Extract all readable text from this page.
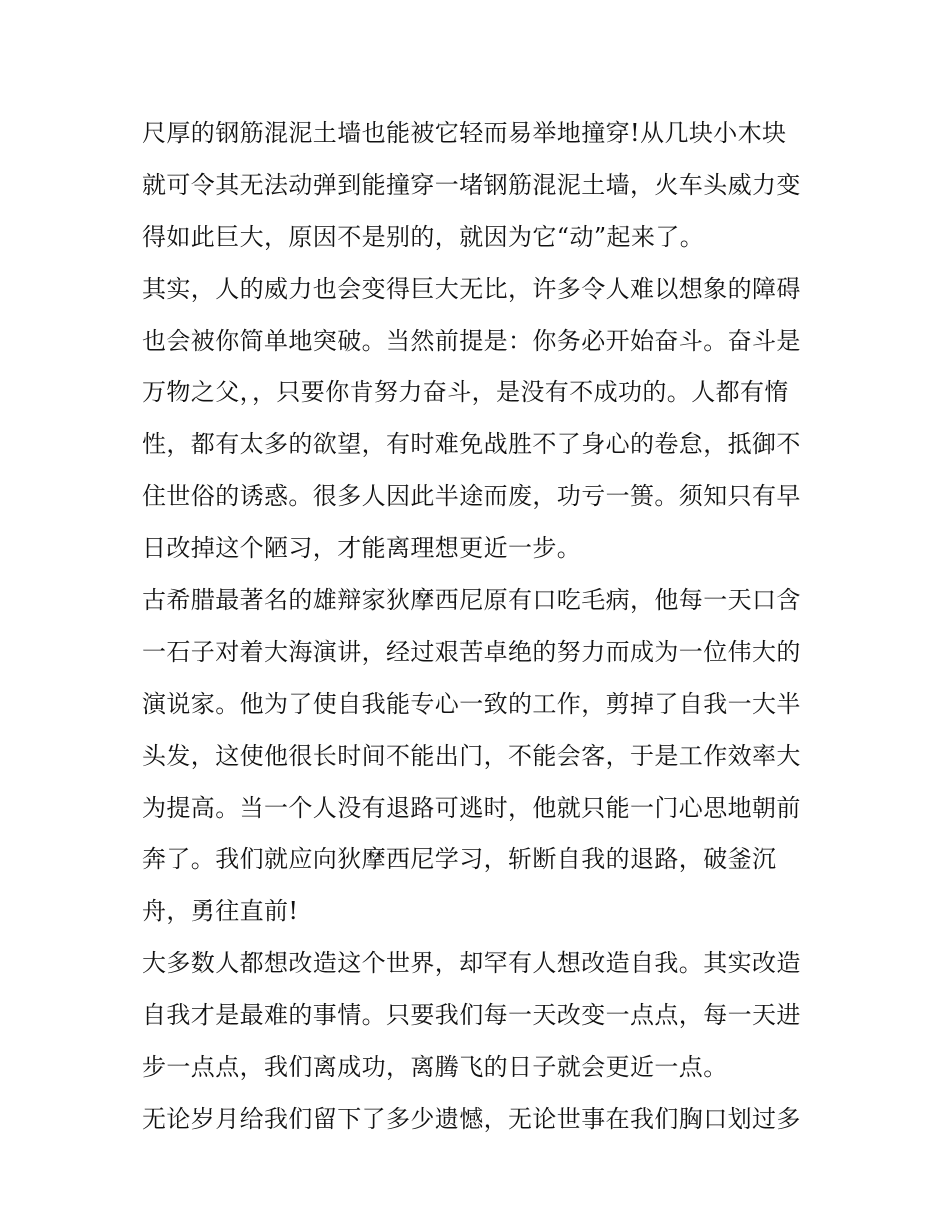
尺厚的钢筋混泥土墙也能被它轻而易举地撞穿!从几块小木块
就可令其无法动弹到能撞穿一堵钢筋混泥土墙，火车头威力变
得如此巨大，原因不是别的，就因为它“动”起来了。
其实，人的威力也会变得巨大无比，许多令人难以想象的障碍
也会被你简单地突破。当然前提是：你务必开始奋斗。奋斗是
万物之父，，只要你肯努力奋斗，是没有不成功的。人都有惰
性，都有太多的欲望，有时难免战胜不了身心的卷怠，抵御不
住世俗的诱惑。很多人因此半途而废，功亏一篑。须知只有早
日改掉这个陋习，才能离理想更近一步。
古希腊最著名的雄辩家狄摩西尼原有口吃毛病，他每一天口含
一石子对着大海演讲，经过艰苦卓绝的努力而成为一位伟大的
演说家。他为了使自我能专心一致的工作，剪掉了自我一大半
头发，这使他很长时间不能出门，不能会客，于是工作效率大
为提高。当一个人没有退路可逃时，他就只能一门心思地朝前
奔了。我们就应向狄摩西尼学习，斩断自我的退路，破釜沉
舟，勇往直前!
大多数人都想改造这个世界，却罕有人想改造自我。其实改造
自我才是最难的事情。只要我们每一天改变一点点，每一天进
步一点点，我们离成功，离腾飞的日子就会更近一点。
无论岁月给我们留下了多少遗憾，无论世事在我们胸口划过多
